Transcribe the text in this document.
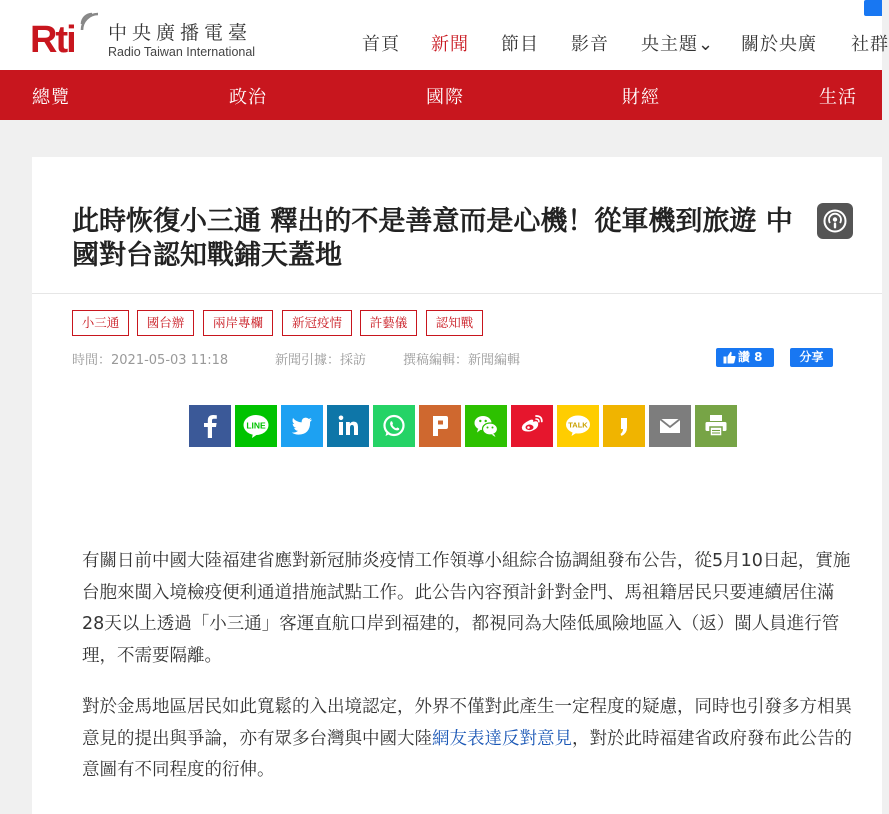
Rti 中央廣播電臺
Radio Taiwan International	首頁 新聞 節目 影音 央主題⌄ 關於央廣 社群
總覽	政治	國際	財經	生活
此時恢復小三通 釋出的不是善意而是心機！從軍機到旅遊 中國對台認知戰鋪天蓋地
小三通	國台辦	兩岸專欄	新冠疫情	許藝儀	認知戰
時間：2021-05-03 11:18	新聞引據：採訪	撰稿編輯：新聞編輯	讚 8	分享
LINE	TALK

有關日前中國大陸福建省應對新冠肺炎疫情工作領導小組綜合協調組發布公告，從5月10日起，實施台胞來閩入境檢疫便利通道措施試點工作。此公告內容預計針對金門、馬祖籍居民只要連續居住滿28天以上透過「小三通」客運直航口岸到福建的，都視同為大陸低風險地區入（返）閩人員進行管理，不需要隔離。

對於金馬地區居民如此寬鬆的入出境認定，外界不僅對此產生一定程度的疑慮，同時也引發多方相異意見的提出與爭論，亦有眾多台灣與中國大陸網友表達反對意見，對於此時福建省政府發布此公告的意圖有不同程度的衍伸。
